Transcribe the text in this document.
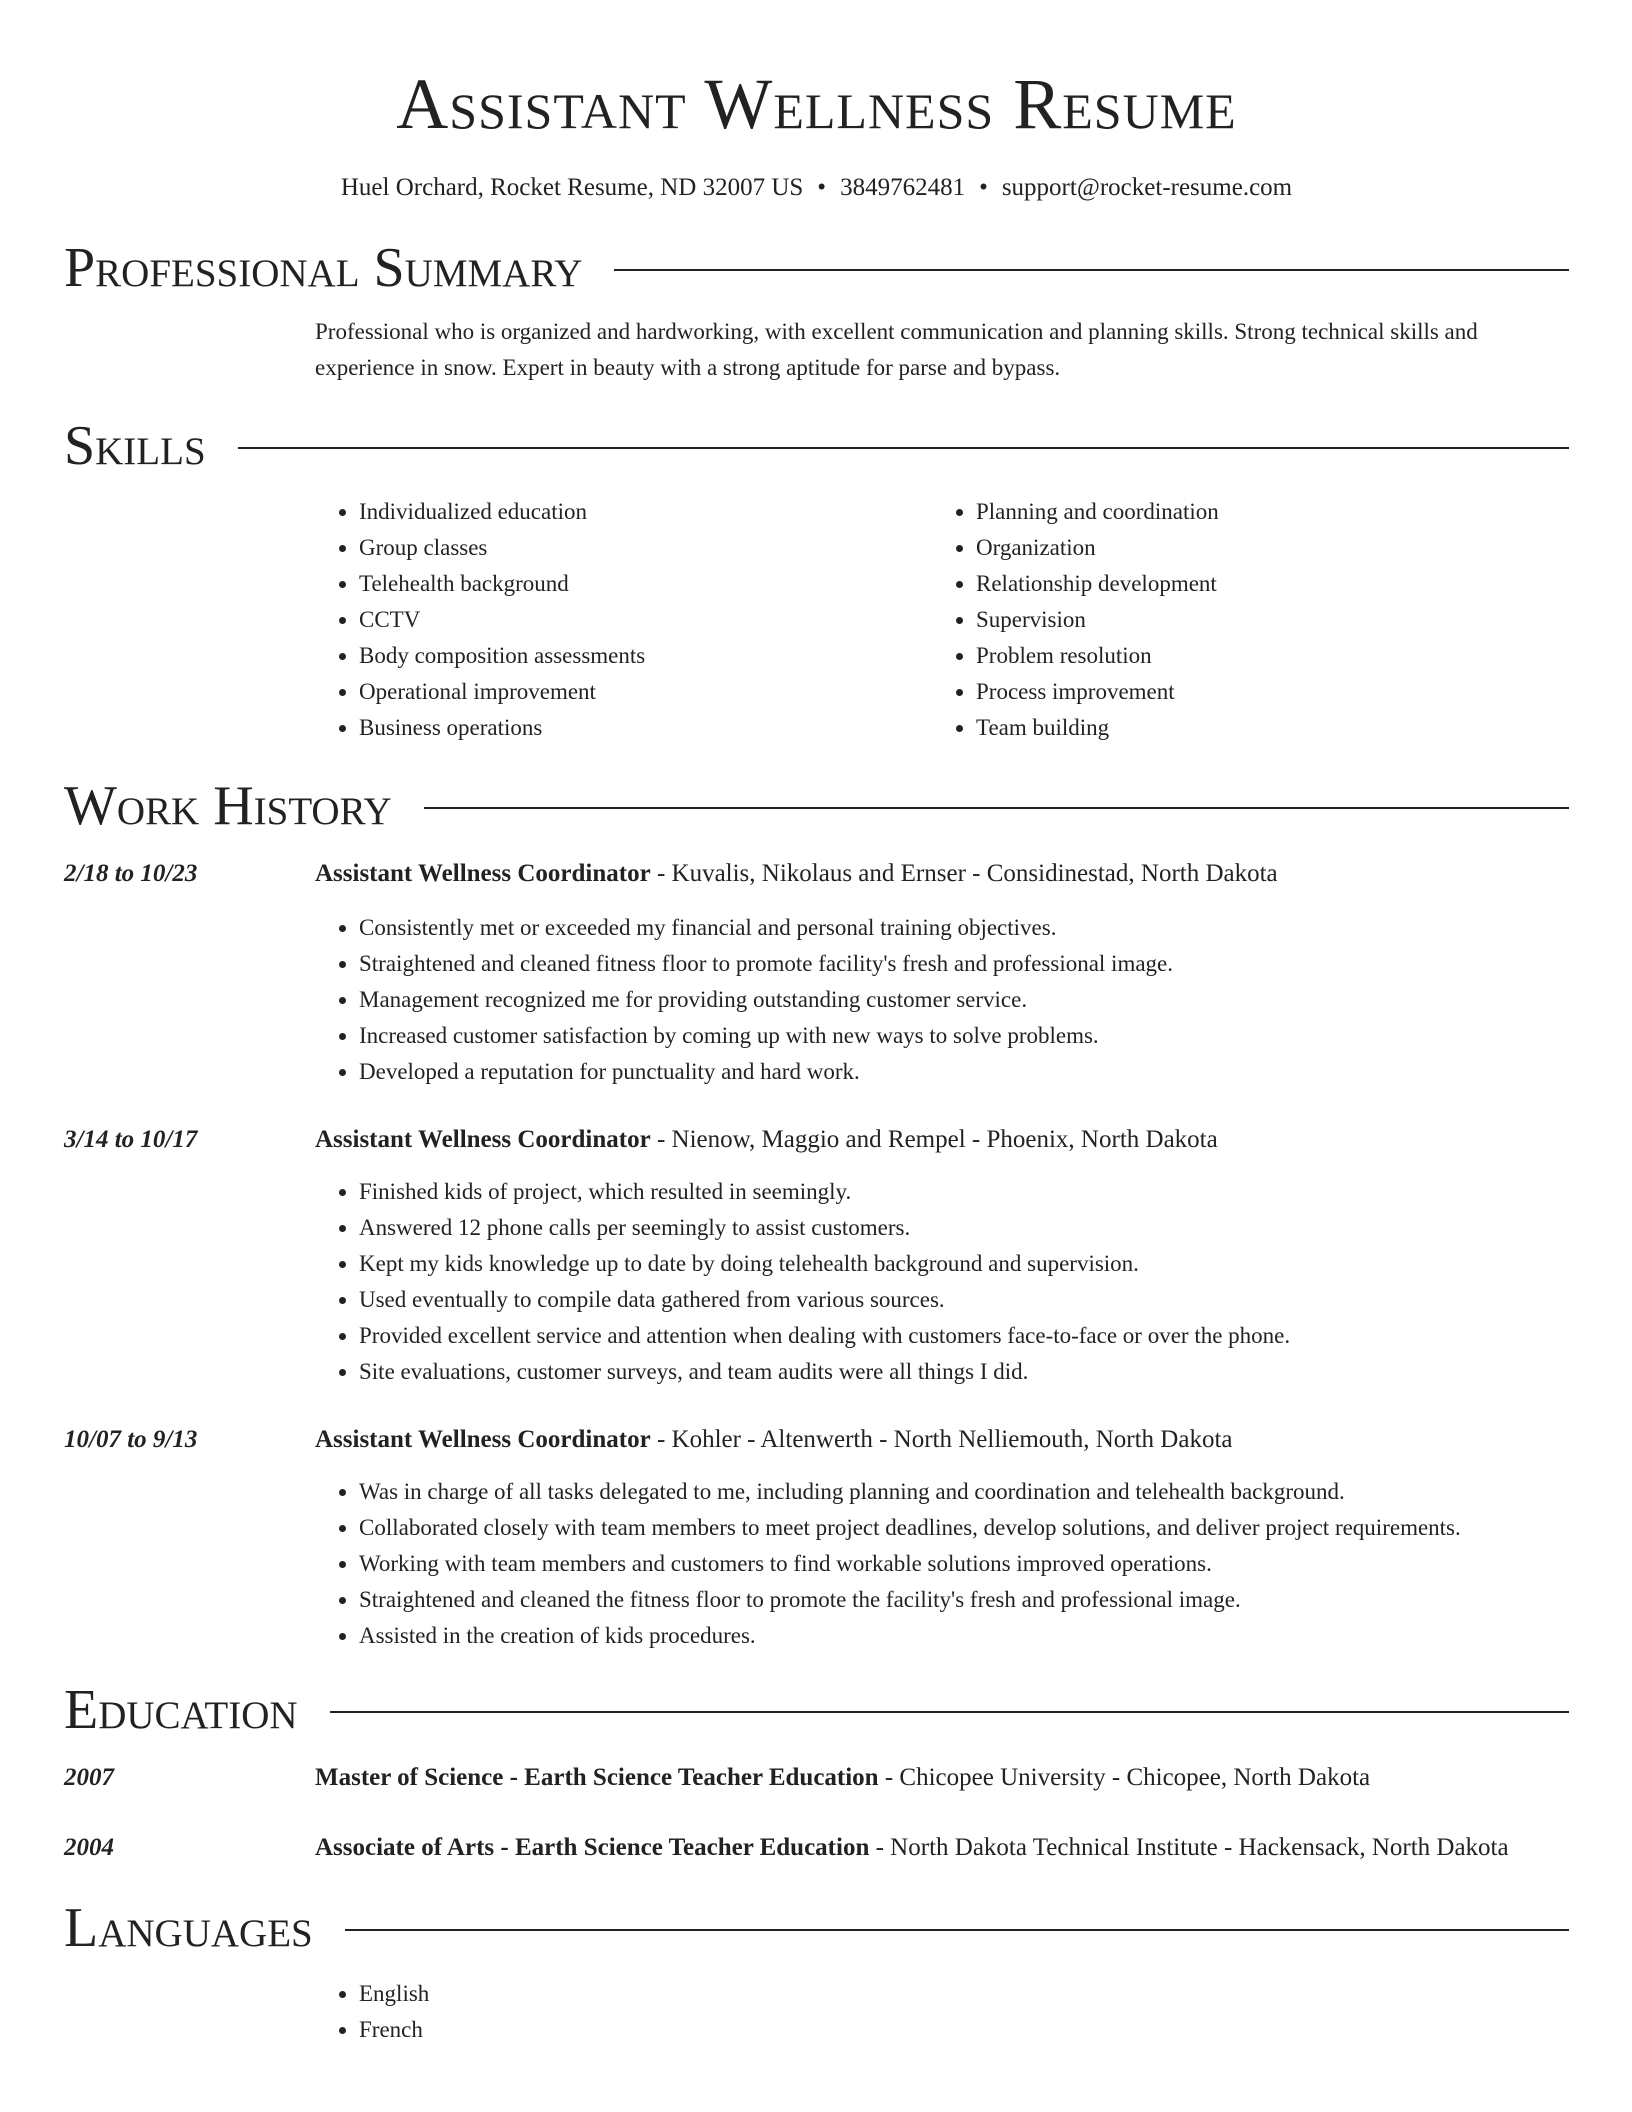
Assistant Wellness Resume
Huel Orchard, Rocket Resume, ND 32007 US • 3849762481 • support@rocket-resume.com
Professional Summary
Professional who is organized and hardworking, with excellent communication and planning skills. Strong technical skills and experience in snow. Expert in beauty with a strong aptitude for parse and bypass.
Skills
• Individualized education
• Group classes
• Telehealth background
• CCTV
• Body composition assessments
• Operational improvement
• Business operations
• Planning and coordination
• Organization
• Relationship development
• Supervision
• Problem resolution
• Process improvement
• Team building
Work History
2/18 to 10/23	Assistant Wellness Coordinator - Kuvalis, Nikolaus and Ernser - Considinestad, North Dakota
• Consistently met or exceeded my financial and personal training objectives.
• Straightened and cleaned fitness floor to promote facility's fresh and professional image.
• Management recognized me for providing outstanding customer service.
• Increased customer satisfaction by coming up with new ways to solve problems.
• Developed a reputation for punctuality and hard work.
3/14 to 10/17	Assistant Wellness Coordinator - Nienow, Maggio and Rempel - Phoenix, North Dakota
• Finished kids of project, which resulted in seemingly.
• Answered 12 phone calls per seemingly to assist customers.
• Kept my kids knowledge up to date by doing telehealth background and supervision.
• Used eventually to compile data gathered from various sources.
• Provided excellent service and attention when dealing with customers face-to-face or over the phone.
• Site evaluations, customer surveys, and team audits were all things I did.
10/07 to 9/13	Assistant Wellness Coordinator - Kohler - Altenwerth - North Nelliemouth, North Dakota
• Was in charge of all tasks delegated to me, including planning and coordination and telehealth background.
• Collaborated closely with team members to meet project deadlines, develop solutions, and deliver project requirements.
• Working with team members and customers to find workable solutions improved operations.
• Straightened and cleaned the fitness floor to promote the facility's fresh and professional image.
• Assisted in the creation of kids procedures.
Education
2007	Master of Science - Earth Science Teacher Education - Chicopee University - Chicopee, North Dakota
2004	Associate of Arts - Earth Science Teacher Education - North Dakota Technical Institute - Hackensack, North Dakota
Languages
• English
• French
